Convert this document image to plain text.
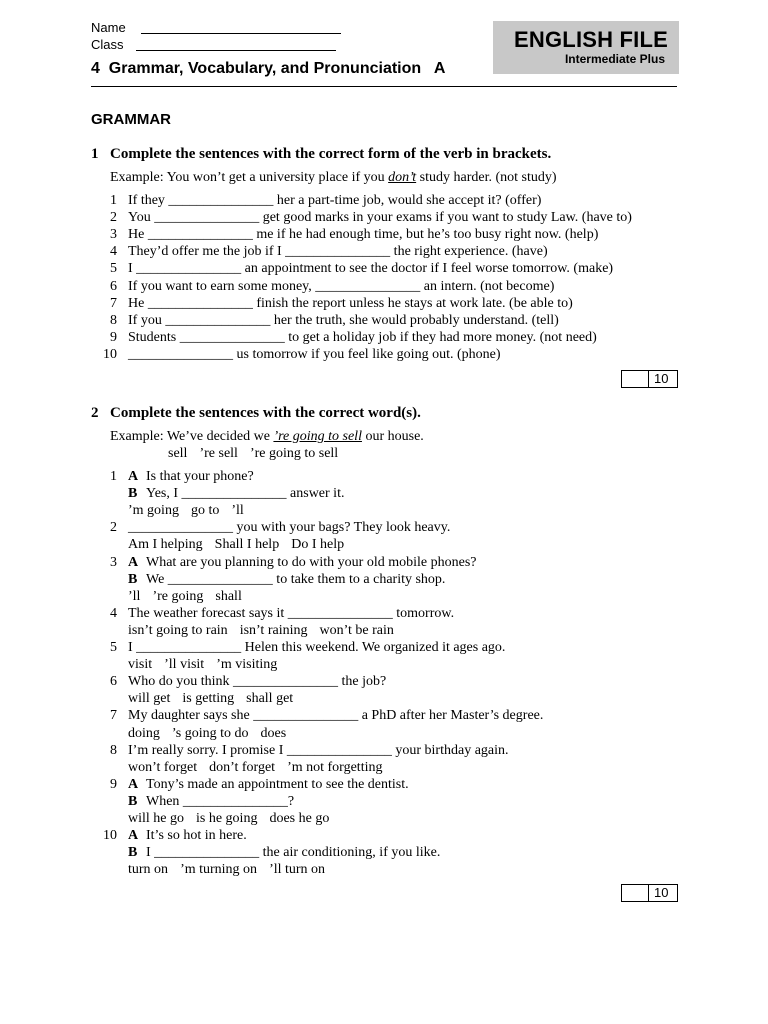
Name
Class	ENGLISH FILE
Intermediate Plus
4  Grammar, Vocabulary, and Pronunciation   A
GRAMMAR
1 Complete the sentences with the correct form of the verb in brackets.
Example: You won’t get a university place if you don’t study harder. (not study)
1 If they _______________ her a part-time job, would she accept it? (offer)
2 You _______________ get good marks in your exams if you want to study Law. (have to)
3 He _______________ me if he had enough time, but he’s too busy right now. (help)
4 They’d offer me the job if I _______________ the right experience. (have)
5 I _______________ an appointment to see the doctor if I feel worse tomorrow. (make)
6 If you want to earn some money, _______________ an intern. (not become)
7 He _______________ finish the report unless he stays at work late. (be able to)
8 If you _______________ her the truth, she would probably understand. (tell)
9 Students _______________ to get a holiday job if they had more money. (not need)
10 _______________ us tomorrow if you feel like going out. (phone)
10
2 Complete the sentences with the correct word(s).
Example: We’ve decided we ’re going to sell our house.
sell ’re sell ’re going to sell
1 A Is that your phone?
B Yes, I _______________ answer it.
’m going go to ’ll
2 _______________ you with your bags? They look heavy.
Am I helping Shall I help Do I help
3 A What are you planning to do with your old mobile phones?
B We _______________ to take them to a charity shop.
’ll ’re going shall
4 The weather forecast says it _______________ tomorrow.
isn’t going to rain isn’t raining won’t be rain
5 I _______________ Helen this weekend. We organized it ages ago.
visit ’ll visit ’m visiting
6 Who do you think _______________ the job?
will get is getting shall get
7 My daughter says she _______________ a PhD after her Master’s degree.
doing ’s going to do does
8 I’m really sorry. I promise I _______________ your birthday again.
won’t forget don’t forget ’m not forgetting
9 A Tony’s made an appointment to see the dentist.
B When _______________?
will he go is he going does he go
10 A It’s so hot in here.
B I _______________ the air conditioning, if you like.
turn on ’m turning on ’ll turn on
10
